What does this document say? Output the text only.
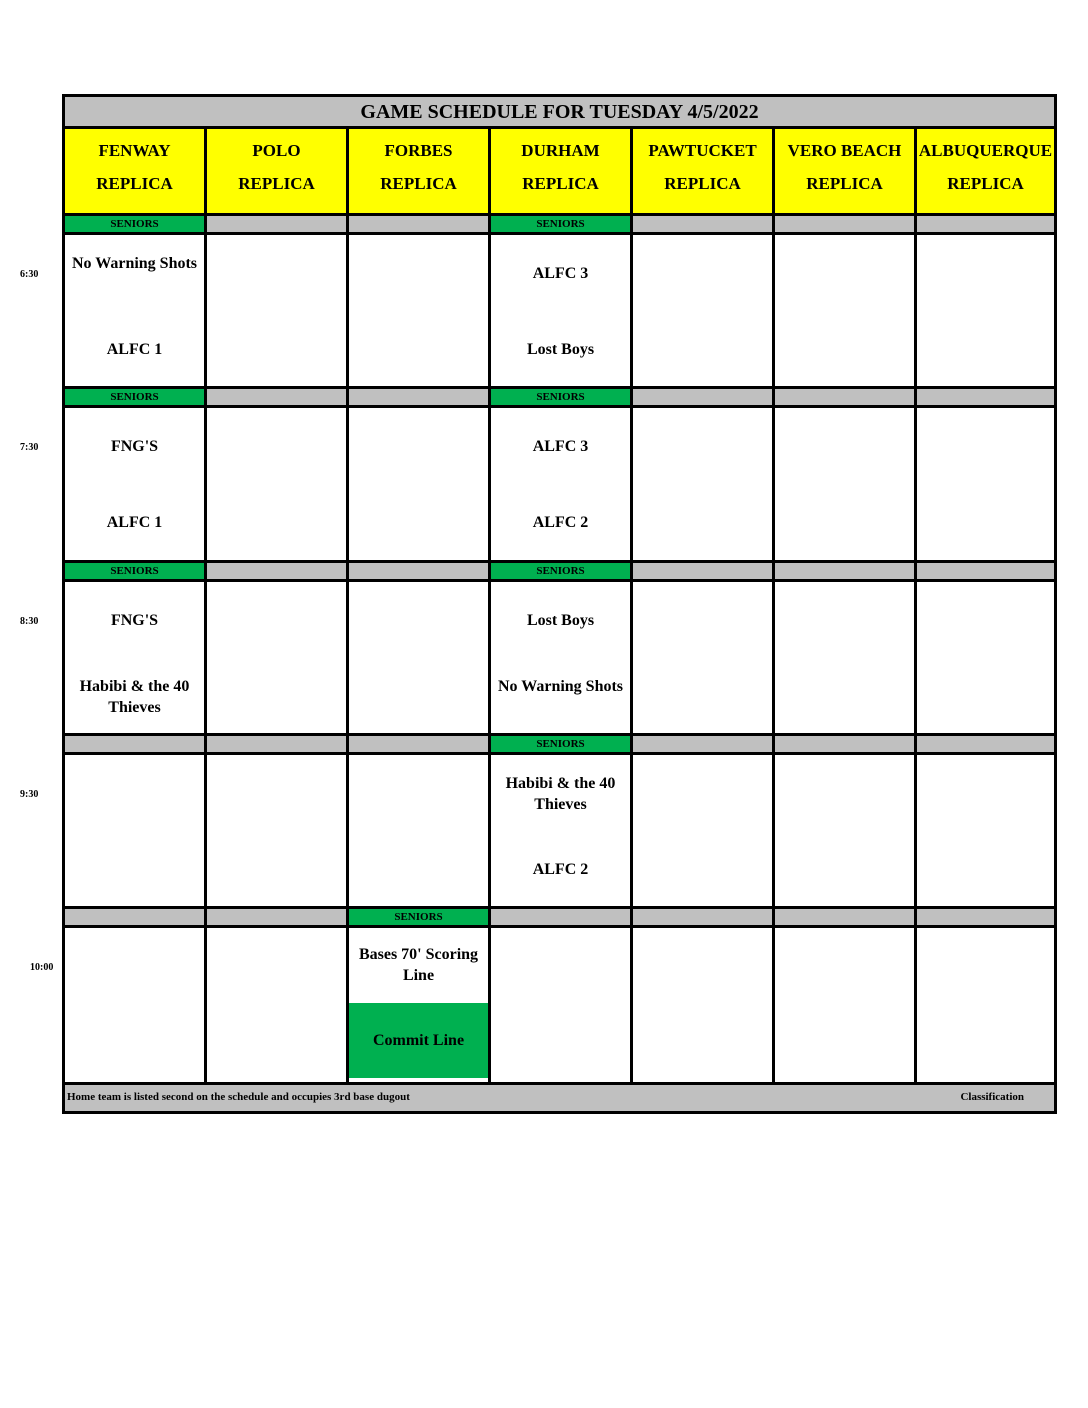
6:30
7:30
8:30
9:30
10:00
GAME SCHEDULE FOR TUESDAY 4/5/2022
FENWAY
REPLICA
SENIORS
No Warning Shots
ALFC 1
SENIORS
FNG'S
ALFC 1
SENIORS
FNG'S
Habibi & the 40 Thieves
POLO
REPLICA
FORBES
REPLICA
SENIORS
Bases 70' Scoring Line
Commit Line
DURHAM
REPLICA
SENIORS
ALFC 3
Lost Boys
SENIORS
ALFC 3
ALFC 2
SENIORS
Lost Boys
No Warning Shots
SENIORS
Habibi & the 40 Thieves
ALFC 2
PAWTUCKET
REPLICA
VERO BEACH
REPLICA
ALBUQUERQUE
REPLICA
Home team is listed second on the schedule and occupies 3rd base dugout	Classification
